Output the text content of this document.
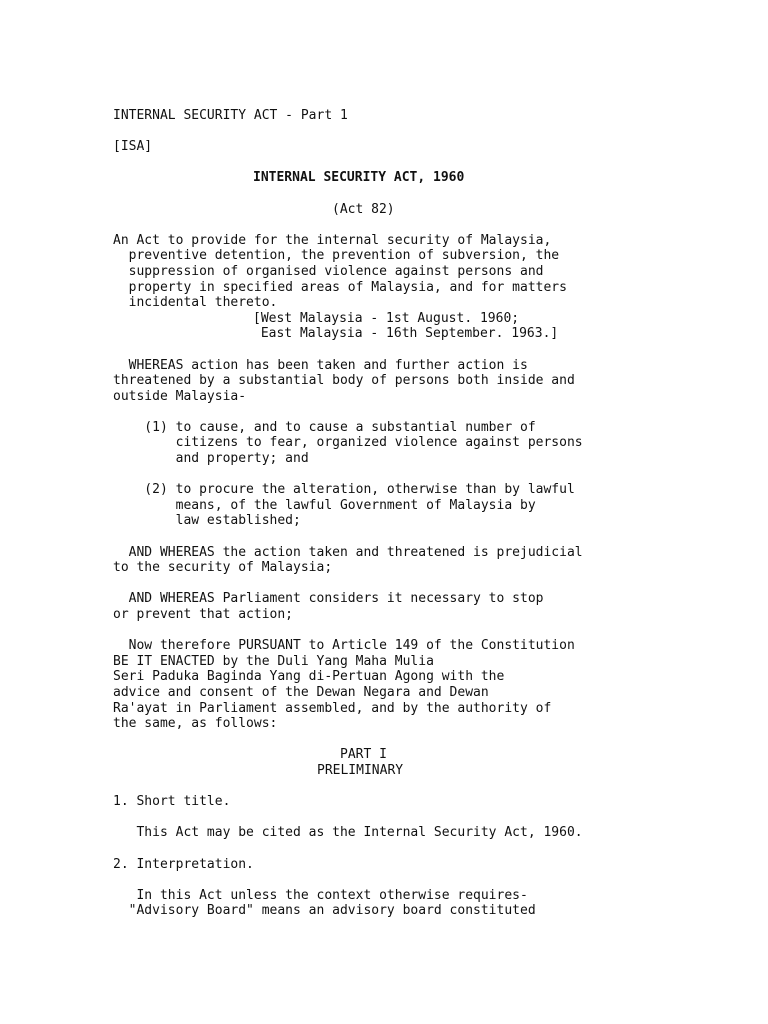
INTERNAL SECURITY ACT - Part 1
[ISA]
INTERNAL SECURITY ACT, 1960
(Act 82)
An Act to provide for the internal security of Malaysia,
preventive detention, the prevention of subversion, the
suppression of organised violence against persons and
property in specified areas of Malaysia, and for matters
incidental thereto.
[West Malaysia - 1st August. 1960;
East Malaysia - 16th September. 1963.]
WHEREAS action has been taken and further action is
threatened by a substantial body of persons both inside and
outside Malaysia-
(1) to cause, and to cause a substantial number of
citizens to fear, organized violence against persons
and property; and
(2) to procure the alteration, otherwise than by lawful
means, of the lawful Government of Malaysia by
law established;
AND WHEREAS the action taken and threatened is prejudicial
to the security of Malaysia;
AND WHEREAS Parliament considers it necessary to stop
or prevent that action;
Now therefore PURSUANT to Article 149 of the Constitution
BE IT ENACTED by the Duli Yang Maha Mulia
Seri Paduka Baginda Yang di-Pertuan Agong with the
advice and consent of the Dewan Negara and Dewan
Ra'ayat in Parliament assembled, and by the authority of
the same, as follows:
PART I
PRELIMINARY
1. Short title.
This Act may be cited as the Internal Security Act, 1960.
2. Interpretation.
In this Act unless the context otherwise requires-
"Advisory Board" means an advisory board constituted
